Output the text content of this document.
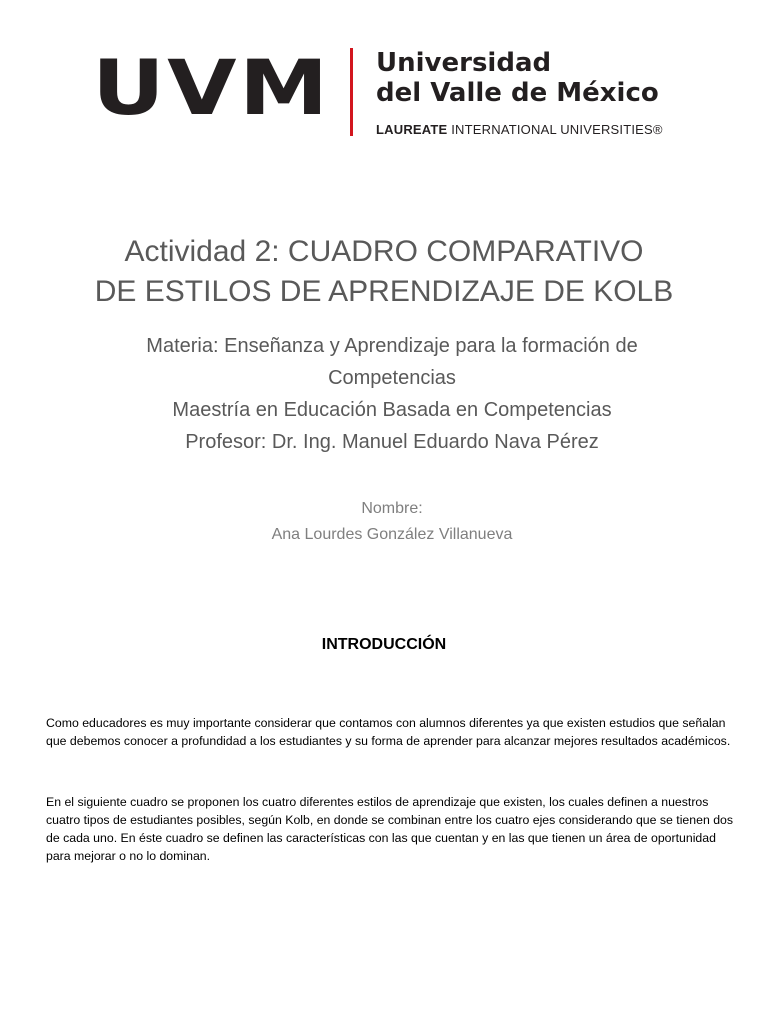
UVM Universidad
del Valle de México
LAUREATE INTERNATIONAL UNIVERSITIES®
Actividad 2: CUADRO COMPARATIVO
DE ESTILOS DE APRENDIZAJE DE KOLB
Materia: Enseñanza y Aprendizaje para la formación de Competencias
Maestría en Educación Basada en Competencias
Profesor: Dr. Ing. Manuel Eduardo Nava Pérez
Nombre:
Ana Lourdes González Villanueva
INTRODUCCIÓN
Como educadores es muy importante considerar que contamos con alumnos diferentes ya que existen estudios que señalan que debemos conocer a profundidad a los estudiantes y su forma de aprender para alcanzar mejores resultados académicos.
En el siguiente cuadro se proponen los cuatro diferentes estilos de aprendizaje que existen, los cuales definen a nuestros cuatro tipos de estudiantes posibles, según Kolb, en donde se combinan entre los cuatro ejes considerando que se tienen dos de cada uno. En éste cuadro se definen las características con las que cuentan y en las que tienen un área de oportunidad para mejorar o no lo dominan.
